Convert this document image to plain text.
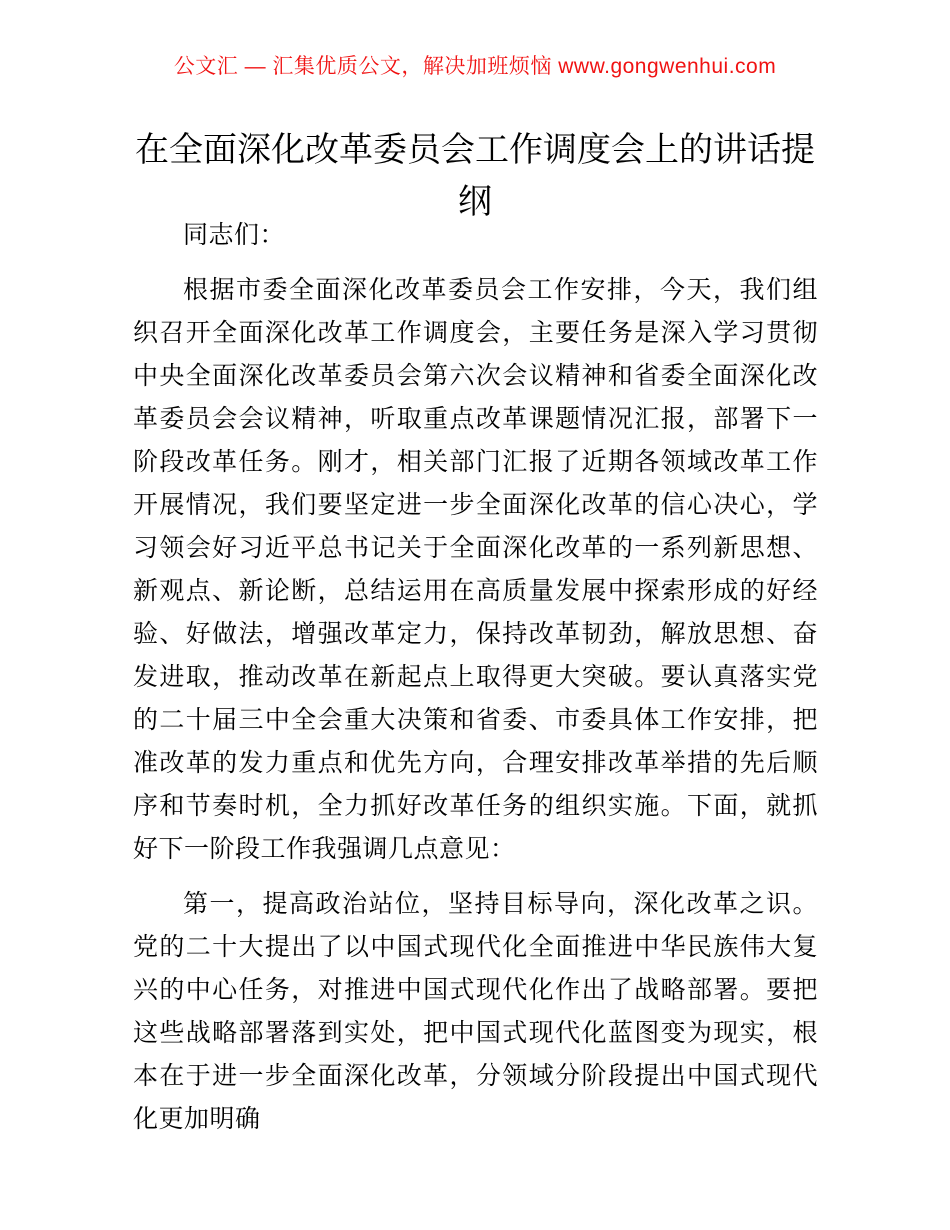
公文汇 — 汇集优质公文，解决加班烦恼 www.gongwenhui.com
在全面深化改革委员会工作调度会上的讲话提纲

同志们：

根据市委全面深化改革委员会工作安排，今天，我们组织召开全面深化改革工作调度会，主要任务是深入学习贯彻中央全面深化改革委员会第六次会议精神和省委全面深化改革委员会会议精神，听取重点改革课题情况汇报，部署下一阶段改革任务。刚才，相关部门汇报了近期各领域改革工作开展情况，我们要坚定进一步全面深化改革的信心决心，学习领会好习近平总书记关于全面深化改革的一系列新思想、新观点、新论断，总结运用在高质量发展中探索形成的好经验、好做法，增强改革定力，保持改革韧劲，解放思想、奋发进取，推动改革在新起点上取得更大突破。要认真落实党的二十届三中全会重大决策和省委、市委具体工作安排，把准改革的发力重点和优先方向，合理安排改革举措的先后顺序和节奏时机，全力抓好改革任务的组织实施。下面，就抓好下一阶段工作我强调几点意见：

第一，提高政治站位，坚持目标导向，深化改革之识。党的二十大提出了以中国式现代化全面推进中华民族伟大复兴的中心任务，对推进中国式现代化作出了战略部署。要把这些战略部署落到实处，把中国式现代化蓝图变为现实，根本在于进一步全面深化改革，分领域分阶段提出中国式现代化更加明确
